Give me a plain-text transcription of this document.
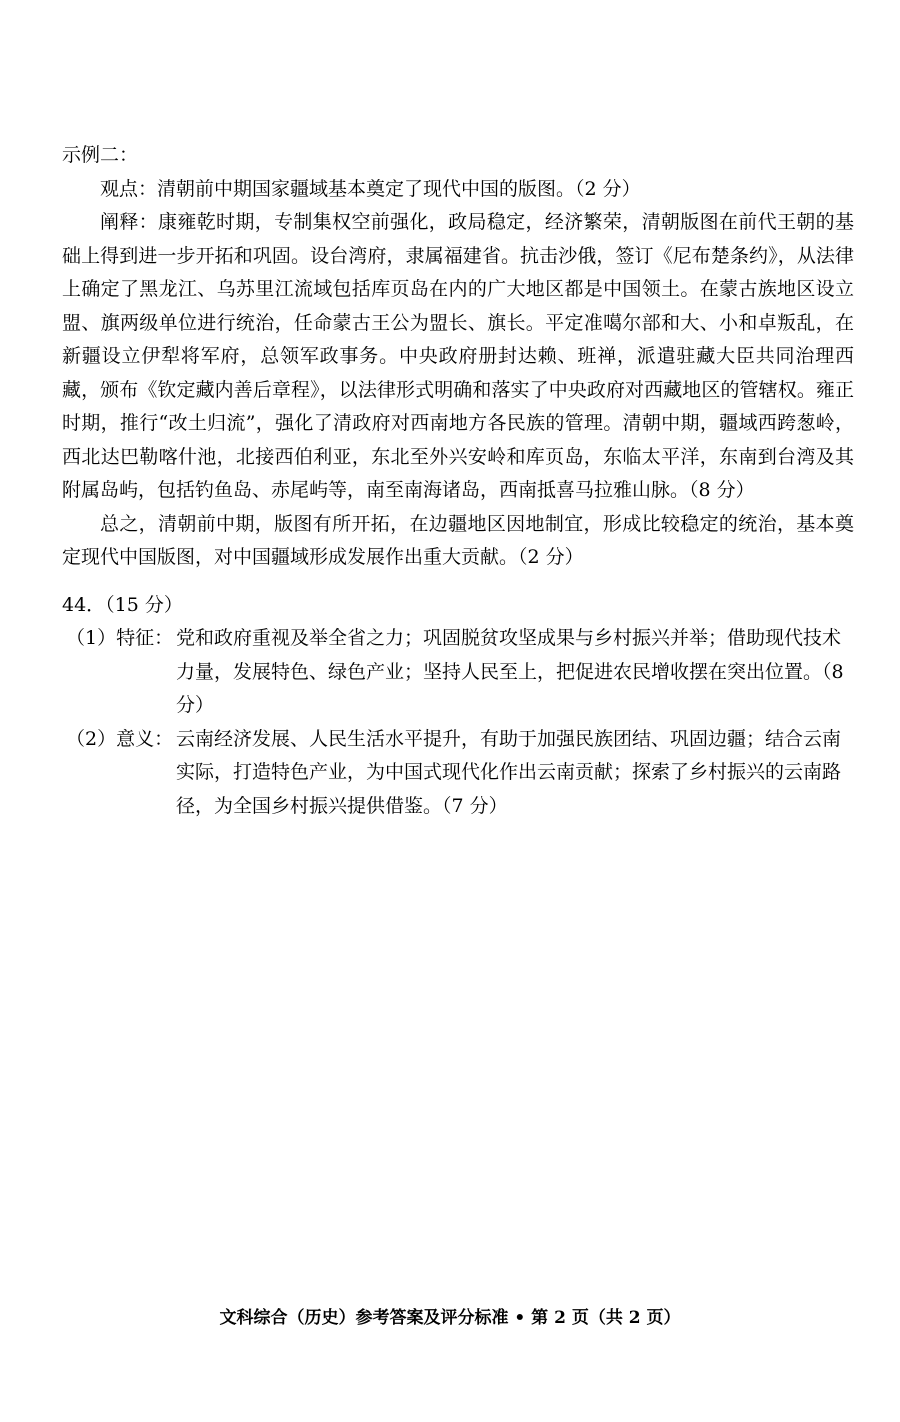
示例二：

观点：清朝前中期国家疆域基本奠定了现代中国的版图。（2 分）

阐释：康雍乾时期，专制集权空前强化，政局稳定，经济繁荣，清朝版图在前代王朝的基础上得到进一步开拓和巩固。设台湾府，隶属福建省。抗击沙俄，签订《尼布楚条约》，从法律上确定了黑龙江、乌苏里江流域包括库页岛在内的广大地区都是中国领土。在蒙古族地区设立盟、旗两级单位进行统治，任命蒙古王公为盟长、旗长。平定准噶尔部和大、小和卓叛乱，在新疆设立伊犁将军府，总领军政事务。中央政府册封达赖、班禅，派遣驻藏大臣共同治理西藏，颁布《钦定藏内善后章程》，以法律形式明确和落实了中央政府对西藏地区的管辖权。雍正时期，推行“改土归流”，强化了清政府对西南地方各民族的管理。清朝中期，疆域西跨葱岭，西北达巴勒喀什池，北接西伯利亚，东北至外兴安岭和库页岛，东临太平洋，东南到台湾及其附属岛屿，包括钓鱼岛、赤尾屿等，南至南海诸岛，西南抵喜马拉雅山脉。（8 分）

总之，清朝前中期，版图有所开拓，在边疆地区因地制宜，形成比较稳定的统治，基本奠定现代中国版图，对中国疆域形成发展作出重大贡献。（2 分）

44．（15 分）
（1）特征： 党和政府重视及举全省之力；巩固脱贫攻坚成果与乡村振兴并举；借助现代技术力量，发展特色、绿色产业；坚持人民至上，把促进农民增收摆在突出位置。（8 分）

（2）意义： 云南经济发展、人民生活水平提升，有助于加强民族团结、巩固边疆；结合云南实际，打造特色产业，为中国式现代化作出云南贡献；探索了乡村振兴的云南路径，为全国乡村振兴提供借鉴。（7 分）

文科综合（历史）参考答案及评分标准 • 第 2 页（共 2 页）
